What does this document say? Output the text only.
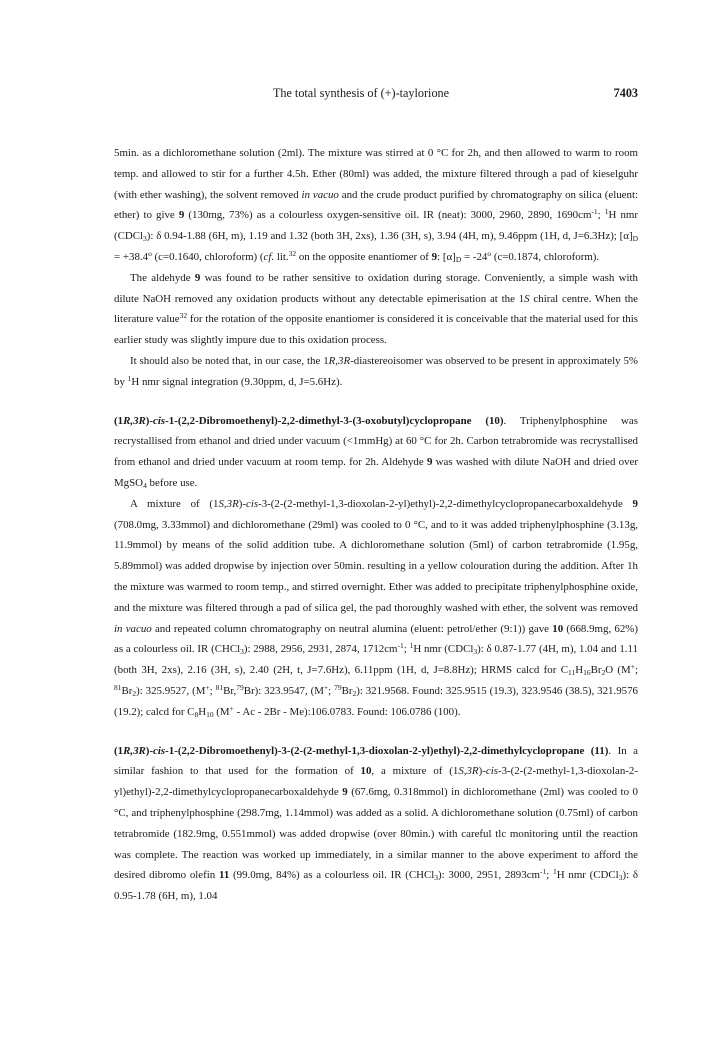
The total synthesis of (+)-taylorione	7403

5min. as a dichloromethane solution (2ml). The mixture was stirred at 0 °C for 2h, and then allowed to warm to room temp. and allowed to stir for a further 4.5h. Ether (80ml) was added, the mixture filtered through a pad of kieselguhr (with ether washing), the solvent removed in vacuo and the crude product purified by chromatography on silica (eluent: ether) to give 9 (130mg, 73%) as a colourless oxygen-sensitive oil. IR (neat): 3000, 2960, 2890, $1690cm^{-1}$; $^1$H nmr (CDCl$_3$): δ 0.94-1.88 (6H, m), 1.19 and 1.32 (both 3H, 2xs), 1.36 (3H, s), 3.94 (4H, m), 9.46ppm (1H, d, J=6.3Hz); $[\alpha]_D = +38.4^o$ (c=0.1640, chloroform) (cf. lit.$^{32}$ on the opposite enantiomer of 9: $[\alpha]_D = -24^o$ (c=0.1874, chloroform).

The aldehyde 9 was found to be rather sensitive to oxidation during storage. Conveniently, a simple wash with dilute NaOH removed any oxidation products without any detectable epimerisation at the 1S chiral centre. When the literature value$^{32}$ for the rotation of the opposite enantiomer is considered it is conceivable that the material used for this earlier study was slightly impure due to this oxidation process.

It should also be noted that, in our case, the 1R,3R-diastereoisomer was observed to be present in approximately 5% by $^1$H nmr signal integration (9.30ppm, d, J=5.6Hz).

(1R,3R)-cis-1-(2,2-Dibromoethenyl)-2,2-dimethyl-3-(3-oxobutyl)cyclopropane (10). Triphenylphosphine was recrystallised from ethanol and dried under vacuum (<1mmHg) at 60 °C for 2h. Carbon tetrabromide was recrystallised from ethanol and dried under vacuum at room temp. for 2h. Aldehyde 9 was washed with dilute NaOH and dried over MgSO$_4$ before use.

A mixture of (1S,3R)-cis-3-(2-(2-methyl-1,3-dioxolan-2-yl)ethyl)-2,2-dimethylcyclopropanecarboxaldehyde 9 (708.0mg, 3.33mmol) and dichloromethane (29ml) was cooled to 0 °C, and to it was added triphenylphosphine (3.13g, 11.9mmol) by means of the solid addition tube. A dichloromethane solution (5ml) of carbon tetrabromide (1.95g, 5.89mmol) was added dropwise by injection over 50min. resulting in a yellow colouration during the addition. After 1h the mixture was warmed to room temp., and stirred overnight. Ether was added to precipitate triphenylphosphine oxide, and the mixture was filtered through a pad of silica gel, the pad thoroughly washed with ether, the solvent was removed in vacuo and repeated column chromatography on neutral alumina (eluent: petrol/ether (9:1)) gave 10 (668.9mg, 62%) as a colourless oil. IR (CHCl$_3$): 2988, 2956, 2931, 2874, $1712cm^{-1}$; $^1$H nmr (CDCl$_3$): δ 0.87-1.77 (4H, m), 1.04 and 1.11 (both 3H, 2xs), 2.16 (3H, s), 2.40 (2H, t, J=7.6Hz), 6.11ppm (1H, d, J=8.8Hz); HRMS calcd for $C_{11}H_{16}Br_2O$ (M+; $^{81}Br_2$): 325.9527, (M+; $^{81}$Br,$^{79}$Br): 323.9547, (M+; $^{79}Br_2$): 321.9568. Found: 325.9515 (19.3), 323.9546 (38.5), 321.9576 (19.2); calcd for $C_8H_{10}$ (M+ - Ac - 2Br - Me):106.0783. Found: 106.0786 (100).

(1R,3R)-cis-1-(2,2-Dibromoethenyl)-3-(2-(2-methyl-1,3-dioxolan-2-yl)ethyl)-2,2-dimethylcyclopropane (11). In a similar fashion to that used for the formation of 10, a mixture of (1S,3R)-cis-3-(2-(2-methyl-1,3-dioxolan-2-yl)ethyl)-2,2-dimethylcyclopropanecarboxaldehyde 9 (67.6mg, 0.318mmol) in dichloromethane (2ml) was cooled to 0 °C, and triphenylphosphine (298.7mg, 1.14mmol) was added as a solid. A dichloromethane solution (0.75ml) of carbon tetrabromide (182.9mg, 0.551mmol) was added dropwise (over 80min.) with careful tlc monitoring until the reaction was complete. The reaction was worked up immediately, in a similar manner to the above experiment to afford the desired dibromo olefin 11 (99.0mg, 84%) as a colourless oil. IR (CHCl$_3$): 3000, 2951, $2893cm^{-1}$; $^1$H nmr (CDCl$_3$): δ 0.95-1.78 (6H, m), 1.04
